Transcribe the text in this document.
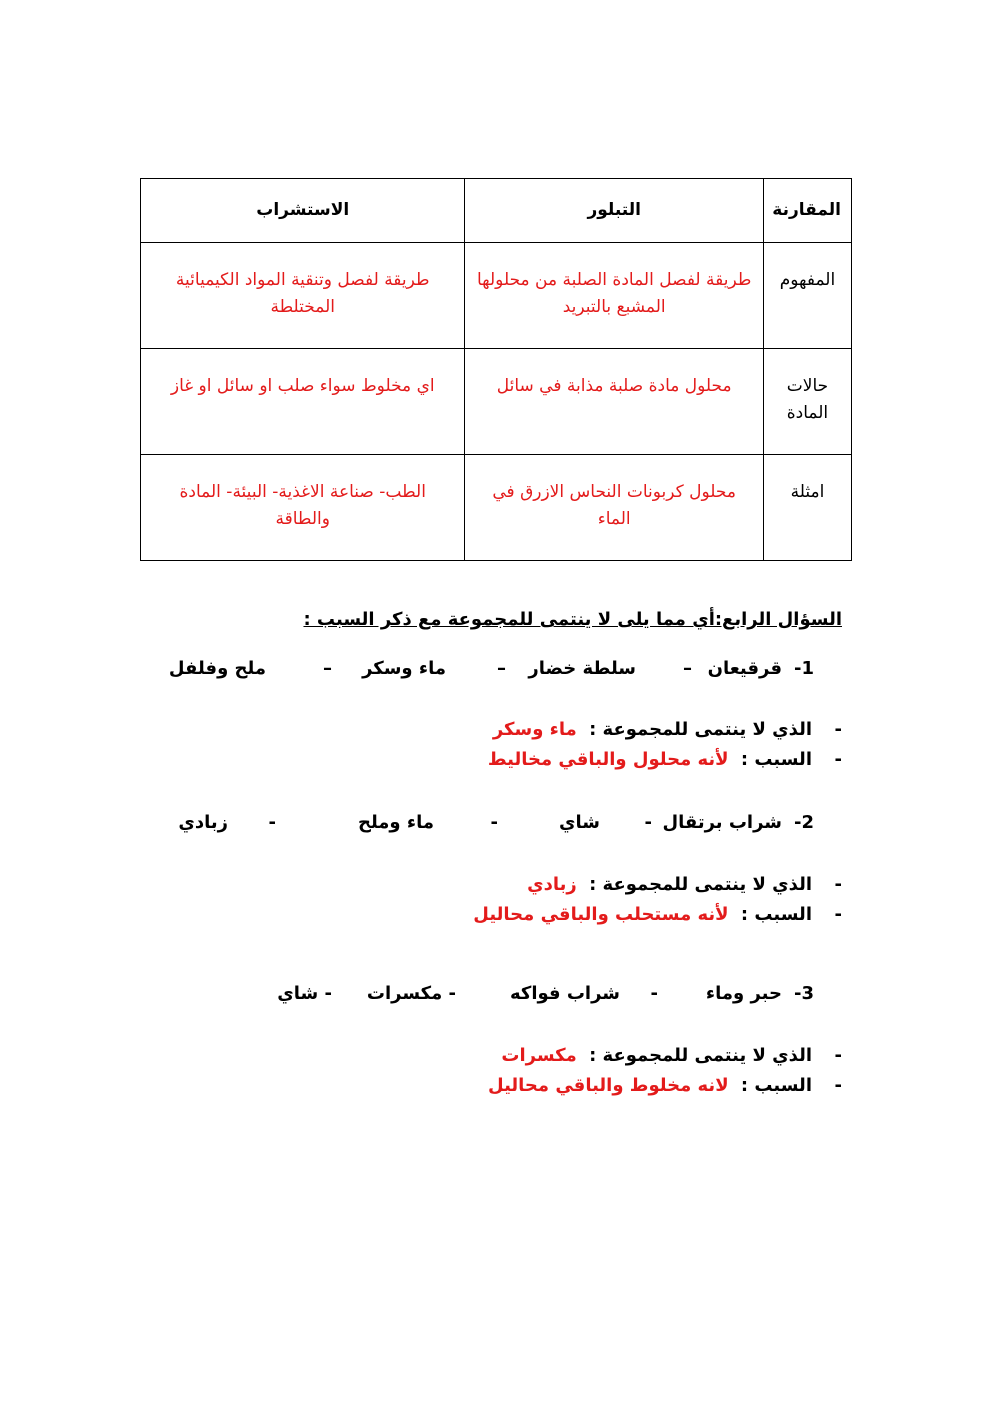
المقارنة	التبلور	الاستشراب
المفهوم	طريقة لفصل المادة الصلبة من محلولها المشبع بالتبريد	طريقة لفصل وتنقية المواد الكيميائية المختلطة
حالات المادة	محلول مادة صلبة مذابة في سائل	اي مخلوط سواء صلب او سائل او غاز
امثلة	محلول كربونات النحاس الازرق في الماء	الطب- صناعة الاغذية- البيئة- المادة والطاقة
السؤال الرابع:أي مما يلى لا ينتمى للمجموعة مع ذكر السبب :
1-
قرقيعان
–
سلطة خضار
–
ماء وسكر
–
ملح وفلفل
-
الذي لا ينتمى للمجموعة : ماء وسكر
-
السبب : لأنه محلول والباقي مخاليط
2-
شراب برتقال
-
شاي
-
ماء وملح
-
زبادي
-
الذي لا ينتمى للمجموعة : زبادي
-
السبب : لأنه مستحلب والباقي محاليل
3-
حبر وماء
-
شراب فواكه
- مكسرات
- شاي
-
الذي لا ينتمى للمجموعة : مكسرات
-
السبب : لانه مخلوط والباقي محاليل
